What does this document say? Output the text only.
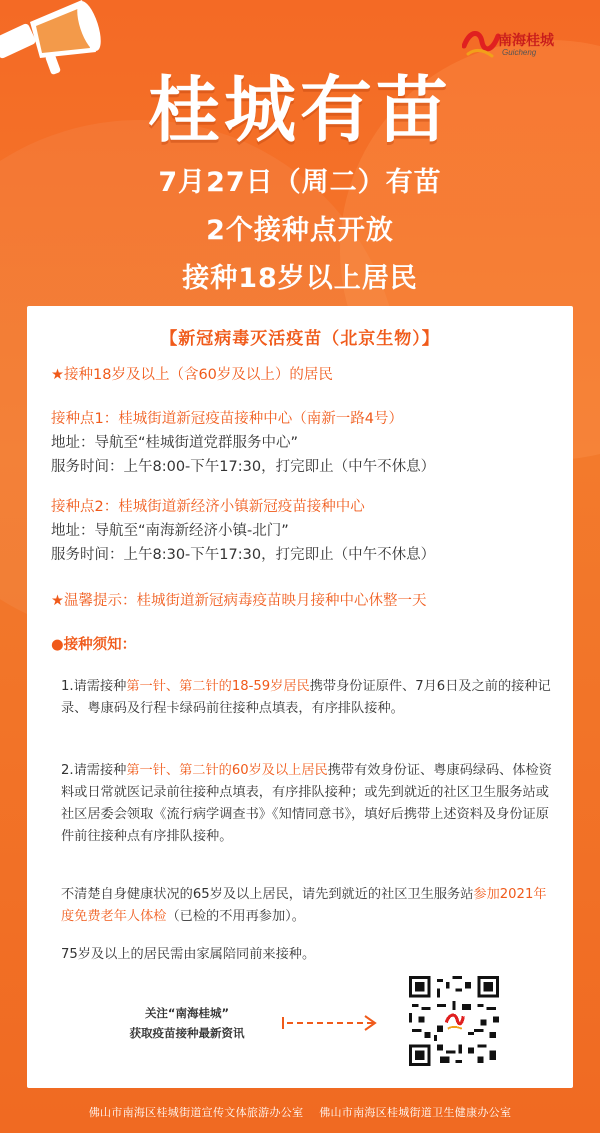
南海桂城
Guicheng
桂城有苗
7月27日（周二）有苗
2个接种点开放
接种18岁以上居民
【新冠病毒灭活疫苗（北京生物）】
★接种18岁及以上（含60岁及以上）的居民
接种点1：桂城街道新冠疫苗接种中心（南新一路4号）
地址：导航至“桂城街道党群服务中心”
服务时间：上午8:00-下午17:30，打完即止（中午不休息）
接种点2：桂城街道新经济小镇新冠疫苗接种中心
地址：导航至“南海新经济小镇-北门”
服务时间：上午8:30-下午17:30，打完即止（中午不休息）
★温馨提示：桂城街道新冠病毒疫苗映月接种中心休整一天
●接种须知：
1.请需接种第一针、第二针的18-59岁居民携带身份证原件、7月6日及之前的接种记录、粤康码及行程卡绿码前往接种点填表，有序排队接种。
2.请需接种第一针、第二针的60岁及以上居民携带有效身份证、粤康码绿码、体检资料或日常就医记录前往接种点填表，有序排队接种；或先到就近的社区卫生服务站或社区居委会领取《流行病学调查书》《知情同意书》，填好后携带上述资料及身份证原件前往接种点有序排队接种。
不清楚自身健康状况的65岁及以上居民，请先到就近的社区卫生服务站参加2021年度免费老年人体检（已检的不用再参加）。
75岁及以上的居民需由家属陪同前来接种。
关注“南海桂城”
获取疫苗接种最新资讯
佛山市南海区桂城街道宣传文体旅游办公室 佛山市南海区桂城街道卫生健康办公室
